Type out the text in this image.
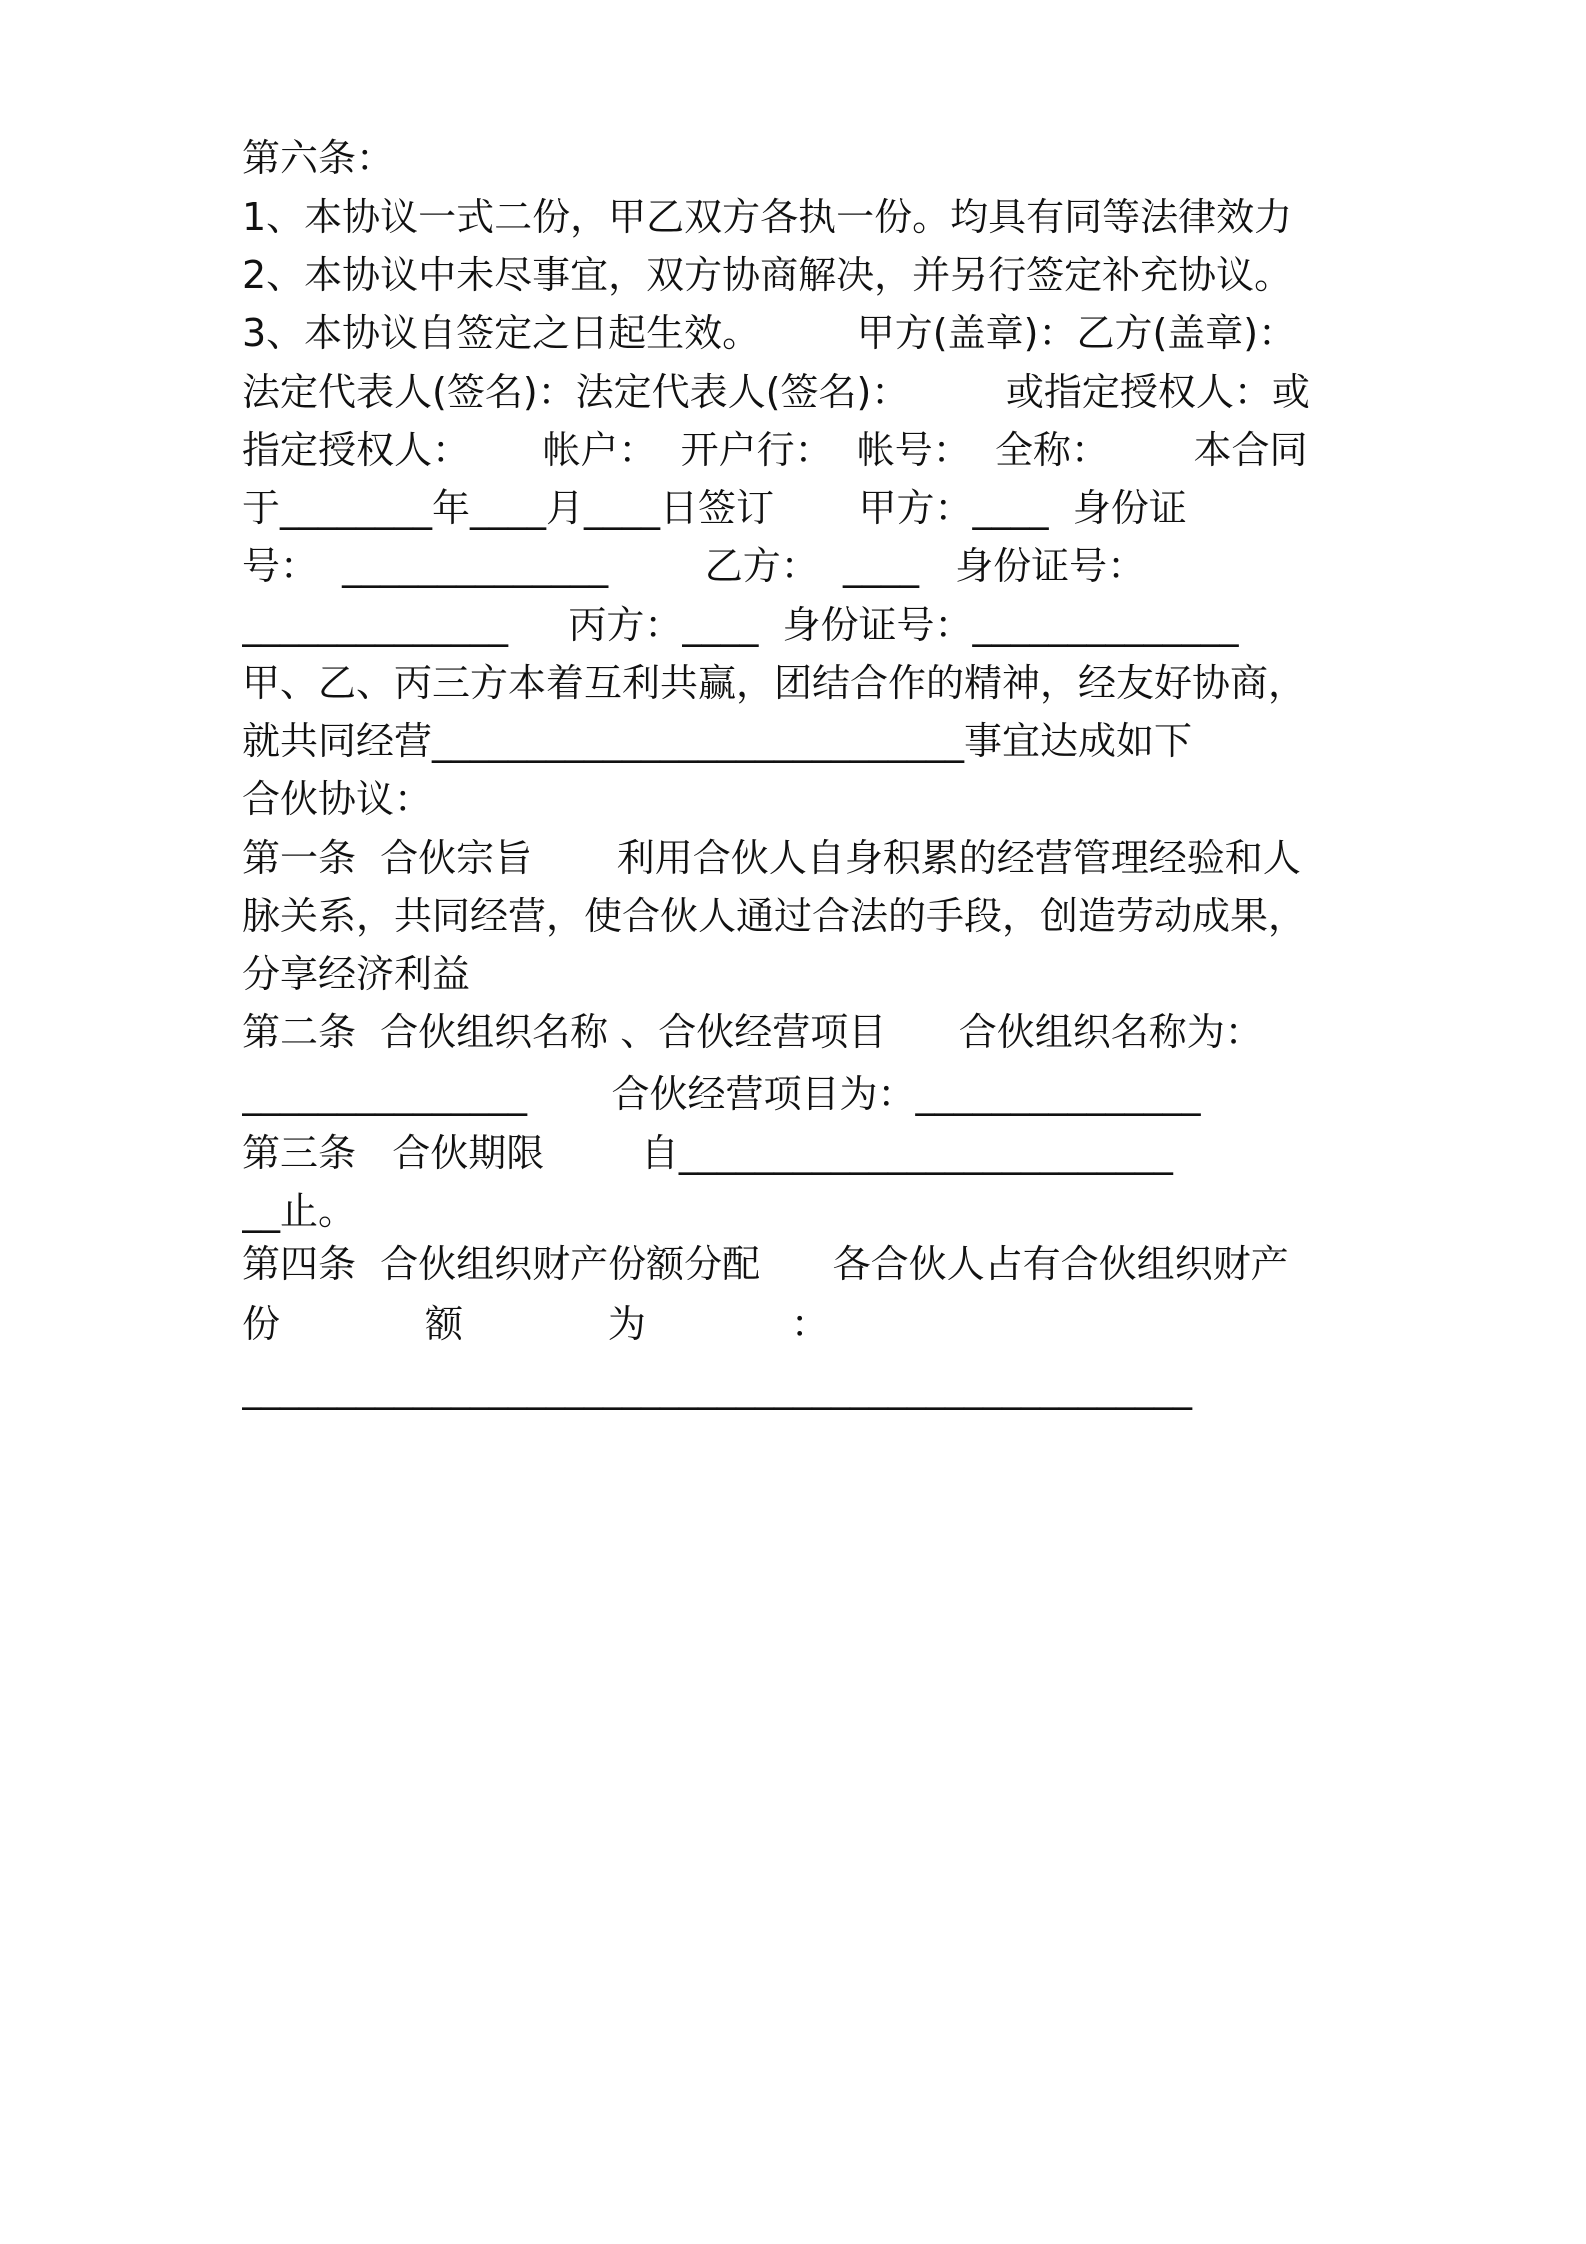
第六条：
1、本协议一式二份，甲乙双方各执一份。均具有同等法律效力
2、本协议中未尽事宜，双方协商解决，并另行签定补充协议。
3、本协议自签定之日起生效。        甲方(盖章)：乙方(盖章)：
法定代表人(签名)：法定代表人(签名)：        或指定授权人：或
指定授权人：      帐户：  开户行：  帐号：  全称：       本合同
于________年____月____日签订       甲方：____  身份证
号：  ______________        乙方：  ____   身份证号：
______________     丙方：____  身份证号：______________
甲、乙、丙三方本着互利共赢，团结合作的精神，经友好协商，
就共同经营____________________________事宜达成如下
合伙协议：
第一条  合伙宗旨       利用合伙人自身积累的经营管理经验和人
脉关系，共同经营，使合伙人通过合法的手段，创造劳动成果，
分享经济利益
第二条  合伙组织名称 、合伙经营项目      合伙组织名称为：
_______________       合伙经营项目为：_______________
第三条   合伙期限        自__________________________
__止。
第四条  合伙组织财产份额分配      各合伙人占有合伙组织财产
份            额            为            ：
__________________________________________________
